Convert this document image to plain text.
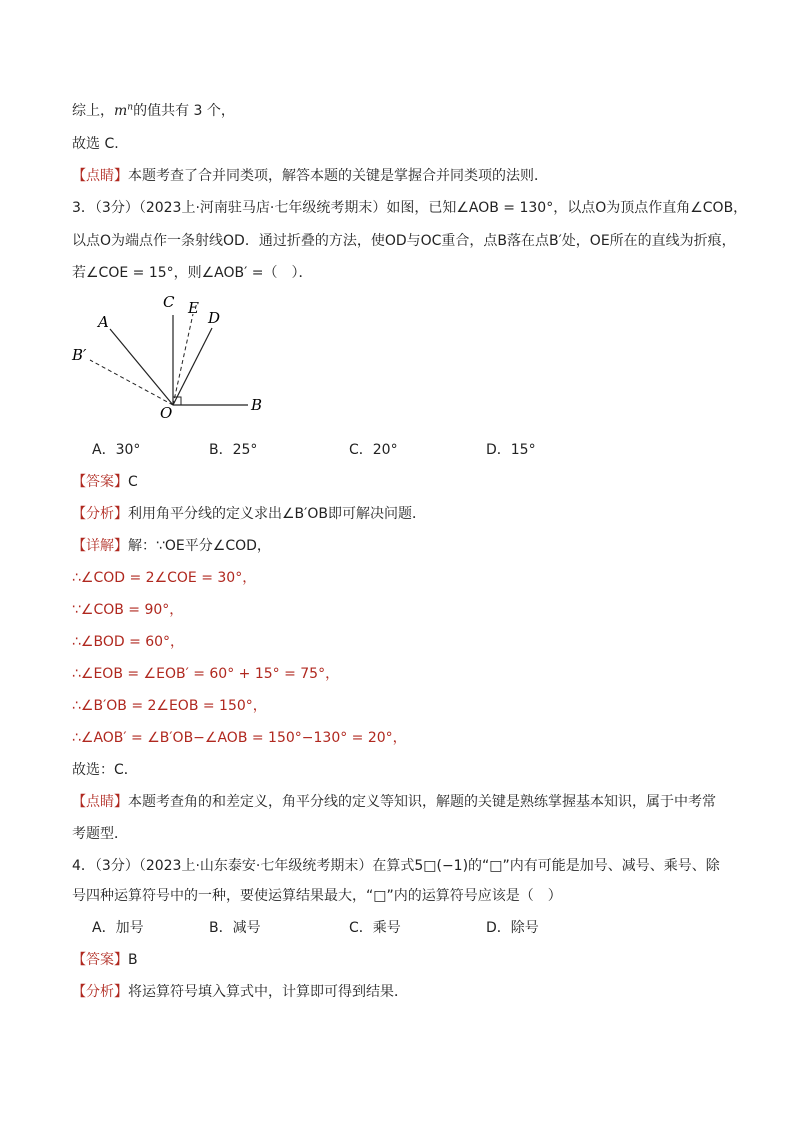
综上，$m^n$的值共有 3 个，
故选 C.
【点睛】本题考查了合并同类项，解答本题的关键是掌握合并同类项的法则．
3．（3分）（2023上·河南驻马店·七年级统考期末）如图，已知∠AOB = 130°，以点O为顶点作直角∠COB，
以点O为端点作一条射线OD．通过折叠的方法，使OD与OC重合，点B落在点B′处，OE所在的直线为折痕，
若∠COE = 15°，则∠AOB′ =（　）．
A
B′
C E
D
O	B
A．30°	B．25°	C．20°	D．15°
【答案】C
【分析】利用角平分线的定义求出∠B′OB即可解决问题．
【详解】解：∵OE平分∠COD，
∴∠COD = 2∠COE = 30°，
∵∠COB = 90°，
∴∠BOD = 60°，
∴∠EOB = ∠EOB′ = 60° + 15° = 75°，
∴∠B′OB = 2∠EOB = 150°，
∴∠AOB′ = ∠B′OB−∠AOB = 150°−130° = 20°，
故选：C．
【点睛】本题考查角的和差定义，角平分线的定义等知识，解题的关键是熟练掌握基本知识，属于中考常
考题型．
4．（3分）（2023上·山东泰安·七年级统考期末）在算式5□(−1)的“□”内有可能是加号、减号、乘号、除
号四种运算符号中的一种，要使运算结果最大，“□”内的运算符号应该是（　）
A．加号	B．减号	C．乘号	D．除号
【答案】B
【分析】将运算符号填入算式中，计算即可得到结果．
